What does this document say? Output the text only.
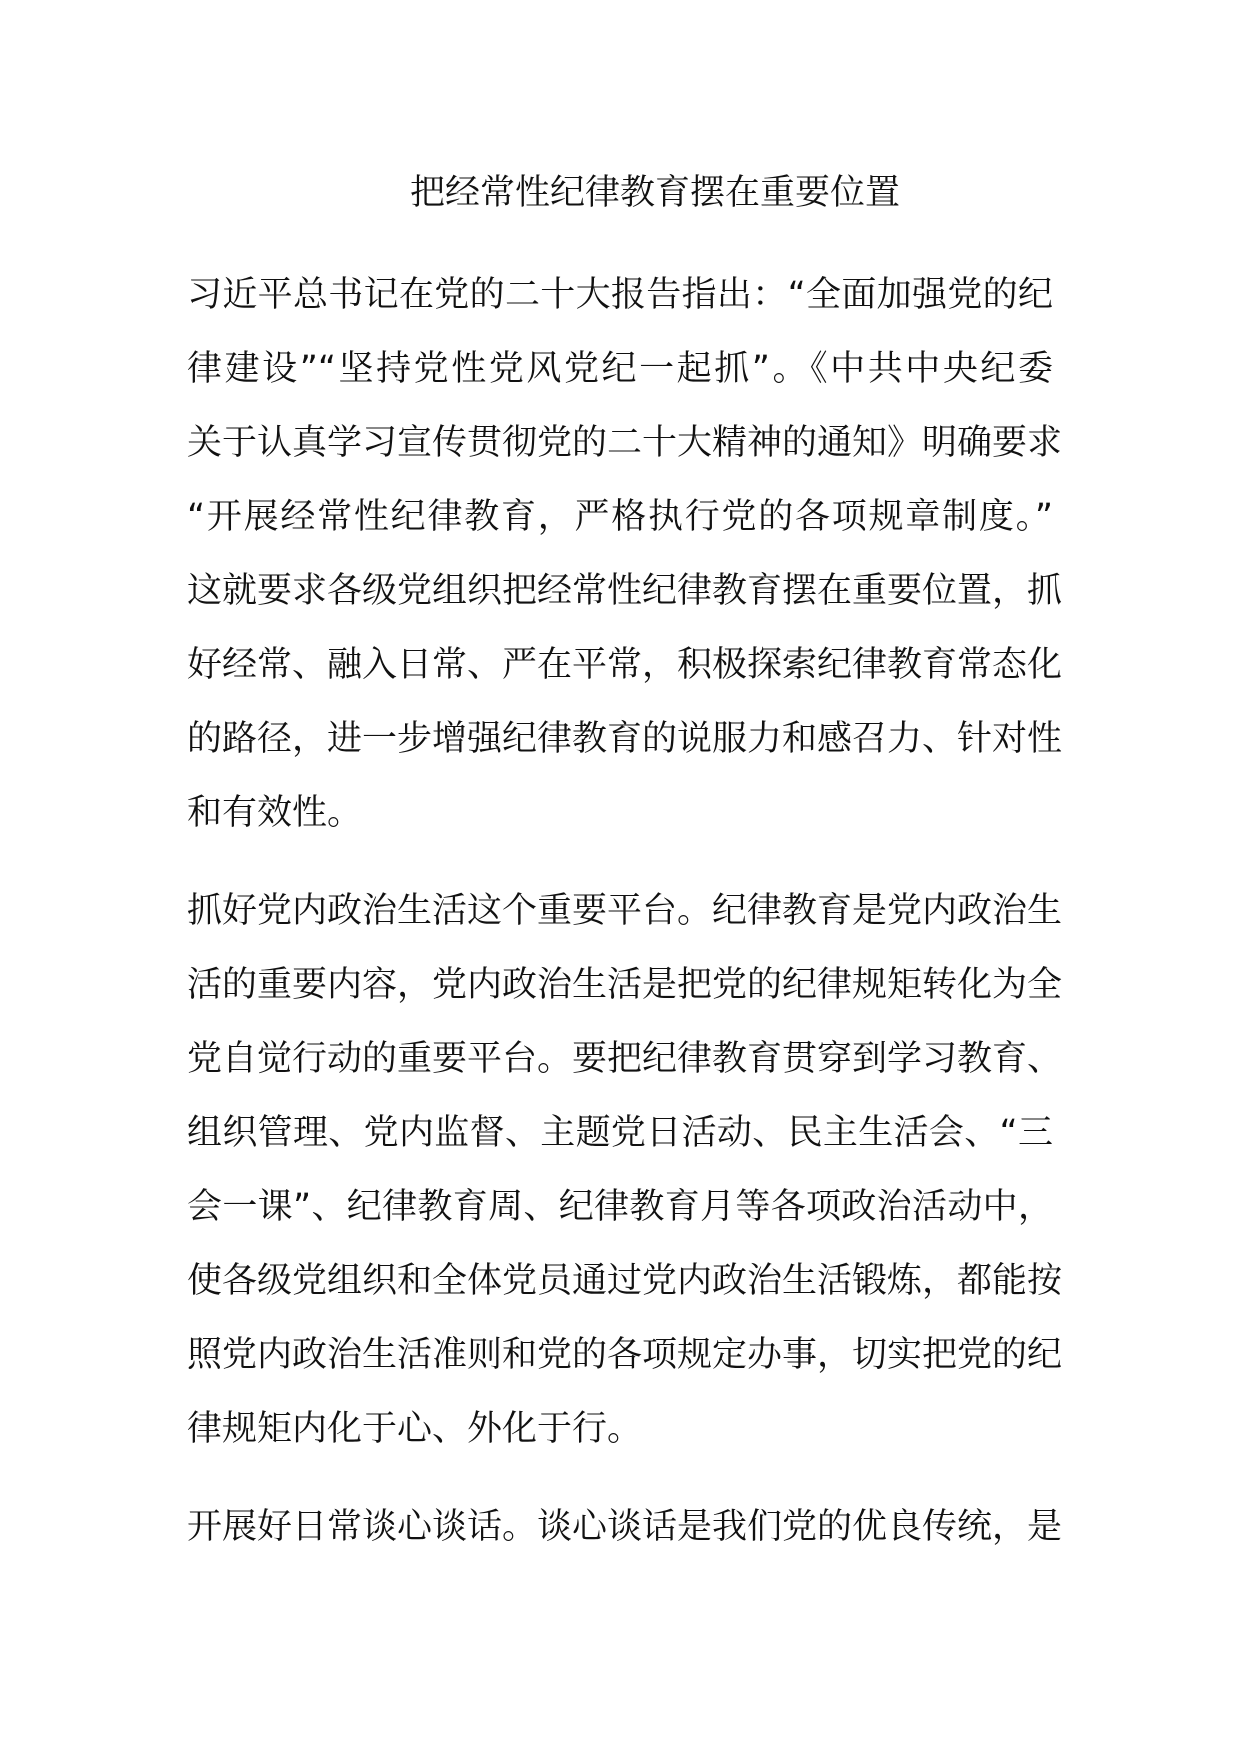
把经常性纪律教育摆在重要位置

习近平总书记在党的二十大报告指出：“全面加强党的纪
律建设”“坚持党性党风党纪一起抓”。《中共中央纪委
关于认真学习宣传贯彻党的二十大精神的通知》明确要求
“开展经常性纪律教育，严格执行党的各项规章制度。”
这就要求各级党组织把经常性纪律教育摆在重要位置，抓
好经常、融入日常、严在平常，积极探索纪律教育常态化
的路径，进一步增强纪律教育的说服力和感召力、针对性
和有效性。

抓好党内政治生活这个重要平台。纪律教育是党内政治生
活的重要内容，党内政治生活是把党的纪律规矩转化为全
党自觉行动的重要平台。要把纪律教育贯穿到学习教育、
组织管理、党内监督、主题党日活动、民主生活会、“三
会一课”、纪律教育周、纪律教育月等各项政治活动中，
使各级党组织和全体党员通过党内政治生活锻炼，都能按
照党内政治生活准则和党的各项规定办事，切实把党的纪
律规矩内化于心、外化于行。

开展好日常谈心谈话。谈心谈话是我们党的优良传统，是
